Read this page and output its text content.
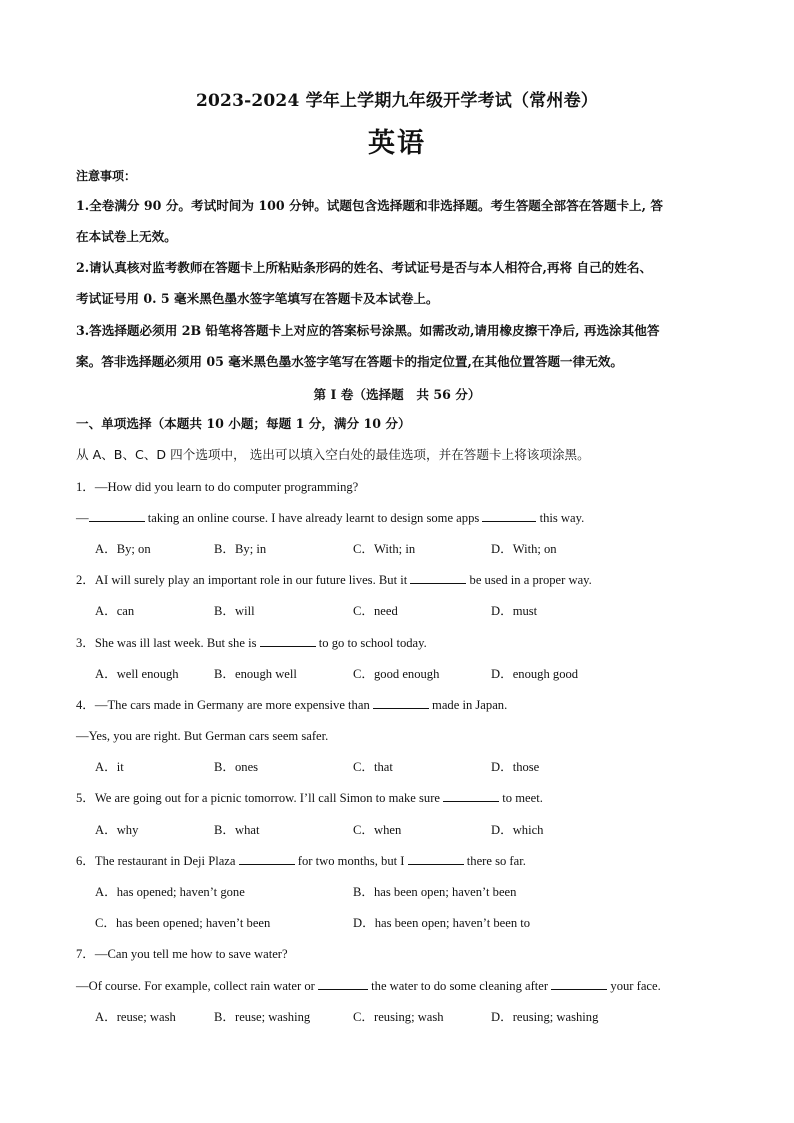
2023-2024 学年上学期九年级开学考试（常州卷）
英语
注意事项：
1.全卷满分 90 分。考试时间为 100 分钟。试题包含选择题和非选择题。考生答题全部答在答题卡上, 答
在本试卷上无效。
2.请认真核对监考教师在答题卡上所粘贴条形码的姓名、考试证号是否与本人相符合,再将 自己的姓名、
考试证号用 0. 5 毫米黑色墨水签字笔填写在答题卡及本试卷上。
3.答选择题必须用 2B 铅笔将答题卡上对应的答案标号涂黑。如需改动,请用橡皮擦干净后, 再选涂其他答
案。答非选择题必须用 05 毫米黑色墨水签字笔写在答题卡的指定位置,在其他位置答题一律无效。
第 I 卷（选择题　共 56 分）
一、单项选择（本题共 10 小题；每题 1 分，满分 10 分）
从 A、B、C、D 四个选项中， 选出可以填入空白处的最佳选项，并在答题卡上将该项涂黑。
1．—How did you learn to do computer programming?
—	taking an online course. I have already learnt to design some apps	this way.
A．By; on	B．By; in	C．With; in	D．With; on
2．AI will surely play an important role in our future lives. But it	be used in a proper way.
A．can	B．will	C．need	D．must
3．She was ill last week. But she is	to go to school today.
A．well enough	B．enough well	C．good enough	D．enough good
4．—The cars made in Germany are more expensive than	made in Japan.
—Yes, you are right. But German cars seem safer.
A．it	B．ones	C．that	D．those
5．We are going out for a picnic tomorrow. I’ll call Simon to make sure	to meet.
A．why	B．what	C．when	D．which
6．The restaurant in Deji Plaza	for two months, but I	there so far.
A．has opened; haven’t gone	B．has been open; haven’t been
C．has been opened; haven’t been	D．has been open; haven’t been to
7．—Can you tell me how to save water?
—Of course. For example, collect rain water or	the water to do some cleaning after	your face.
A．reuse; wash	B．reuse; washing	C．reusing; wash	D．reusing; washing
